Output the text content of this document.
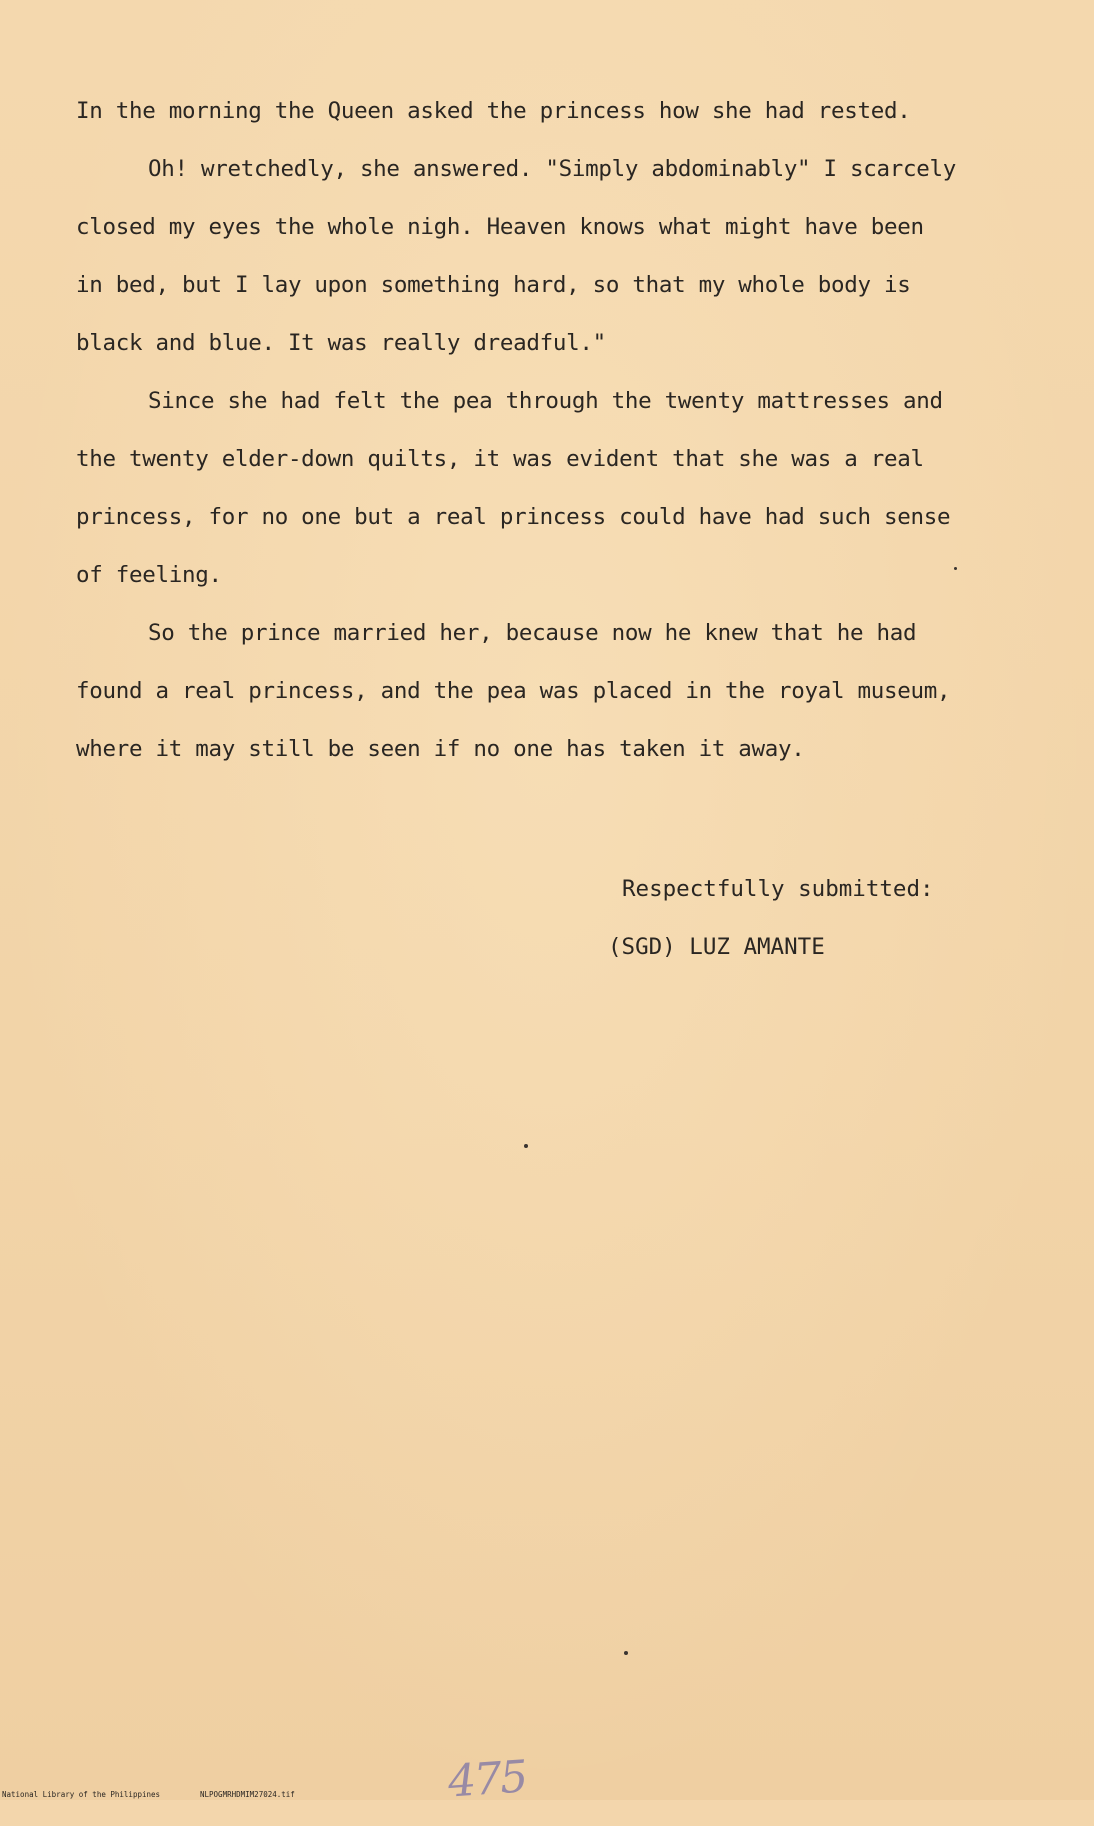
In the morning the Queen asked the princess how she had rested.

Oh! wretchedly, she answered. "Simply abdominably" I scarcely
closed my eyes the whole nigh. Heaven knows what might have been
in bed, but I lay upon something hard, so that my whole body is
black and blue. It was really dreadful."

Since she had felt the pea through the twenty mattresses and
the twenty elder-down quilts, it was evident that she was a real
princess, for no one but a real princess could have had such sense
of feeling.

So the prince married her, because now he knew that he had
found a real princess, and the pea was placed in the royal museum,
where it may still be seen if no one has taken it away.

Respectfully submitted:
(SGD) LUZ AMANTE
475

National Library of the Philippines

	NLPOGMRHDMIM27024.tif
